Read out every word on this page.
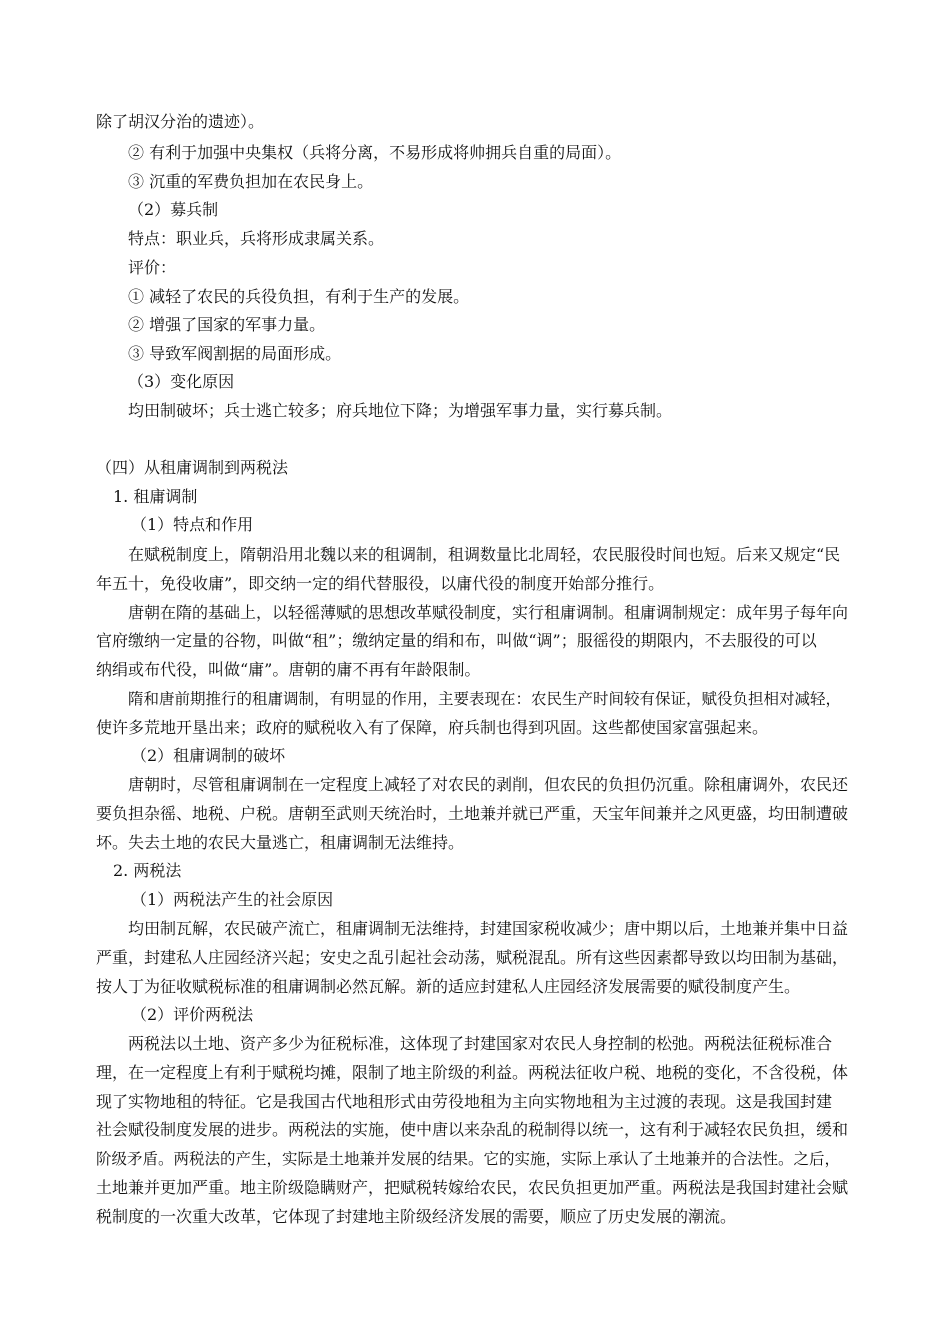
除了胡汉分治的遗迹）。
② 有利于加强中央集权（兵将分离，不易形成将帅拥兵自重的局面）。
③ 沉重的军费负担加在农民身上。
（2）募兵制
特点：职业兵，兵将形成隶属关系。
评价：
① 减轻了农民的兵役负担，有利于生产的发展。
② 增强了国家的军事力量。
③ 导致军阀割据的局面形成。
（3）变化原因
均田制破坏；兵士逃亡较多；府兵地位下降；为增强军事力量，实行募兵制。
（四）从租庸调制到两税法
1. 租庸调制
（1）特点和作用
在赋税制度上，隋朝沿用北魏以来的租调制，租调数量比北周轻，农民服役时间也短。后来又规定“民
年五十，免役收庸”，即交纳一定的绢代替服役，以庸代役的制度开始部分推行。
唐朝在隋的基础上，以轻徭薄赋的思想改革赋役制度，实行租庸调制。租庸调制规定：成年男子每年向
官府缴纳一定量的谷物，叫做“租”；缴纳定量的绢和布，叫做“调”；服徭役的期限内，不去服役的可以
纳绢或布代役，叫做“庸”。唐朝的庸不再有年龄限制。
隋和唐前期推行的租庸调制，有明显的作用，主要表现在：农民生产时间较有保证，赋役负担相对减轻，
使许多荒地开垦出来；政府的赋税收入有了保障，府兵制也得到巩固。这些都使国家富强起来。
（2）租庸调制的破坏
唐朝时，尽管租庸调制在一定程度上减轻了对农民的剥削，但农民的负担仍沉重。除租庸调外，农民还
要负担杂徭、地税、户税。唐朝至武则天统治时，土地兼并就已严重，天宝年间兼并之风更盛，均田制遭破
坏。失去土地的农民大量逃亡，租庸调制无法维持。
2. 两税法
（1）两税法产生的社会原因
均田制瓦解，农民破产流亡，租庸调制无法维持，封建国家税收减少；唐中期以后，土地兼并集中日益
严重，封建私人庄园经济兴起；安史之乱引起社会动荡，赋税混乱。所有这些因素都导致以均田制为基础，
按人丁为征收赋税标准的租庸调制必然瓦解。新的适应封建私人庄园经济发展需要的赋役制度产生。
（2）评价两税法
两税法以土地、资产多少为征税标准，这体现了封建国家对农民人身控制的松弛。两税法征税标准合
理，在一定程度上有利于赋税均摊，限制了地主阶级的利益。两税法征收户税、地税的变化，不含役税，体
现了实物地租的特征。它是我国古代地租形式由劳役地租为主向实物地租为主过渡的表现。这是我国封建
社会赋役制度发展的进步。两税法的实施，使中唐以来杂乱的税制得以统一，这有利于减轻农民负担，缓和
阶级矛盾。两税法的产生，实际是土地兼并发展的结果。它的实施，实际上承认了土地兼并的合法性。之后，
土地兼并更加严重。地主阶级隐瞒财产，把赋税转嫁给农民，农民负担更加严重。两税法是我国封建社会赋
税制度的一次重大改革，它体现了封建地主阶级经济发展的需要，顺应了历史发展的潮流。
